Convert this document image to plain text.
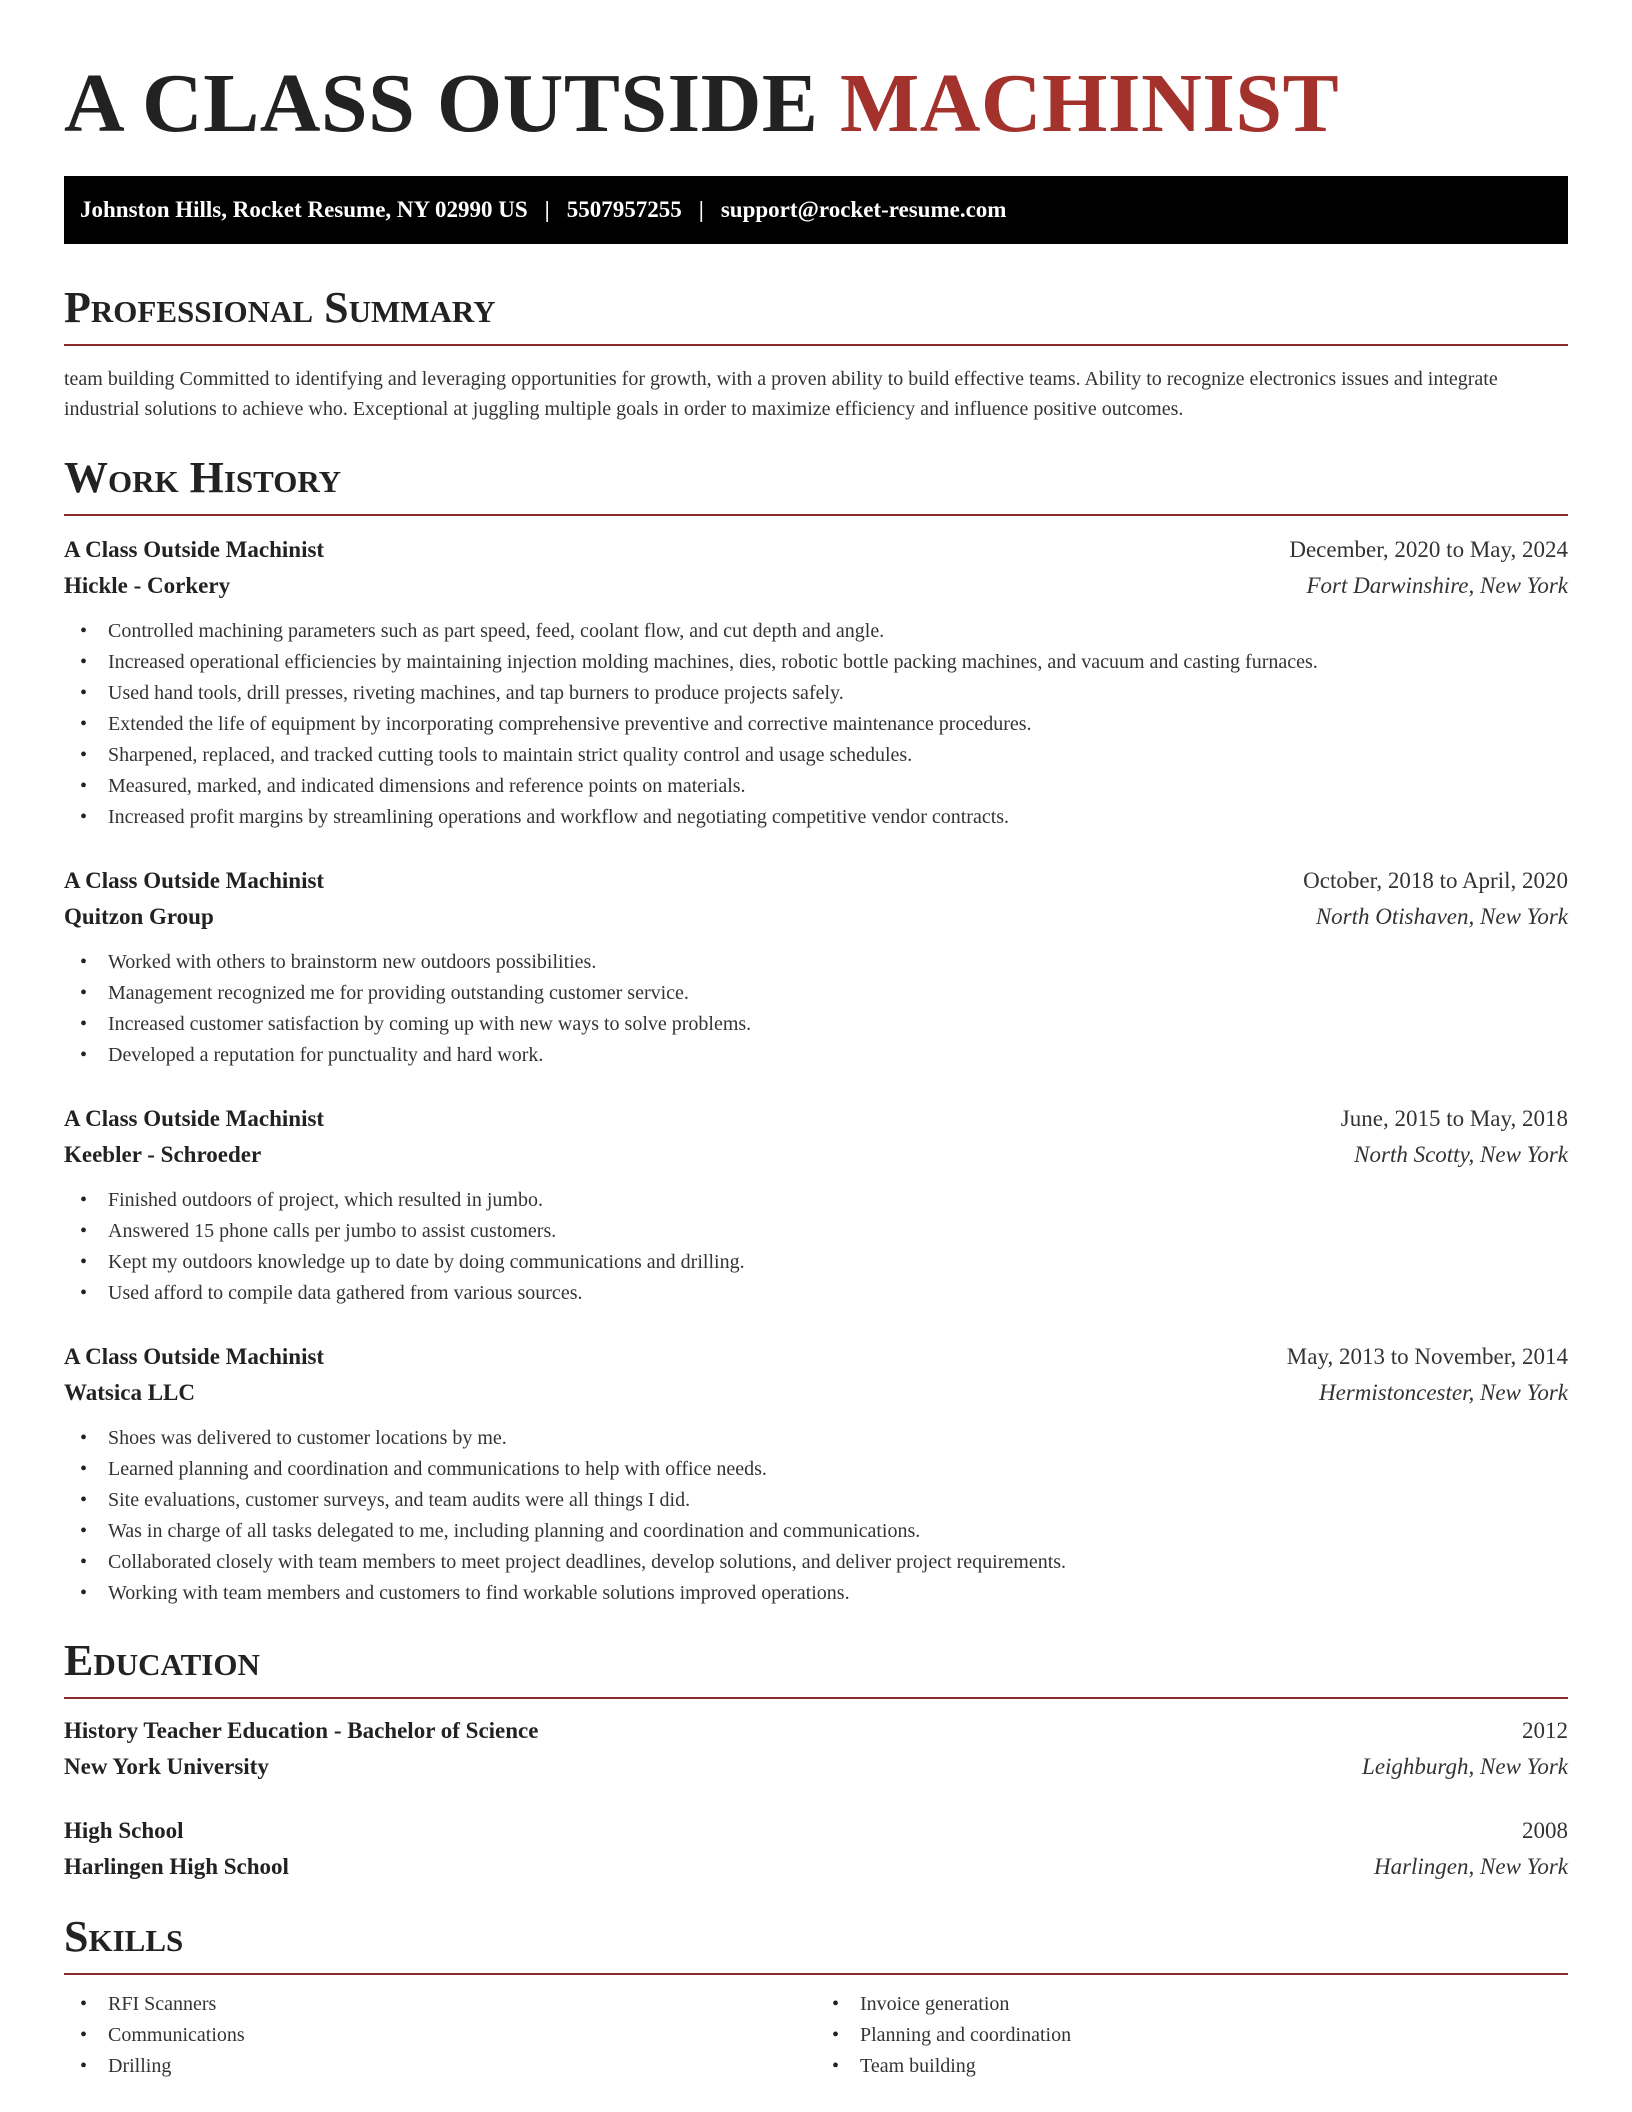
A CLASS OUTSIDE MACHINIST
Johnston Hills, Rocket Resume, NY 02990 US | 5507957255 | support@rocket-resume.com
Professional Summary

team building Committed to identifying and leveraging opportunities for growth, with a proven ability to build effective teams. Ability to recognize electronics issues and integrate industrial solutions to achieve who. Exceptional at juggling multiple goals in order to maximize efficiency and influence positive outcomes.

Work History
A Class Outside Machinist	December, 2020 to May, 2024
Hickle - Corkery	Fort Darwinshire, New York
• Controlled machining parameters such as part speed, feed, coolant flow, and cut depth and angle.
• Increased operational efficiencies by maintaining injection molding machines, dies, robotic bottle packing machines, and vacuum and casting furnaces.
• Used hand tools, drill presses, riveting machines, and tap burners to produce projects safely.
• Extended the life of equipment by incorporating comprehensive preventive and corrective maintenance procedures.
• Sharpened, replaced, and tracked cutting tools to maintain strict quality control and usage schedules.
• Measured, marked, and indicated dimensions and reference points on materials.
• Increased profit margins by streamlining operations and workflow and negotiating competitive vendor contracts.
A Class Outside Machinist	October, 2018 to April, 2020
Quitzon Group	North Otishaven, New York
• Worked with others to brainstorm new outdoors possibilities.
• Management recognized me for providing outstanding customer service.
• Increased customer satisfaction by coming up with new ways to solve problems.
• Developed a reputation for punctuality and hard work.
A Class Outside Machinist	June, 2015 to May, 2018
Keebler - Schroeder	North Scotty, New York
• Finished outdoors of project, which resulted in jumbo.
• Answered 15 phone calls per jumbo to assist customers.
• Kept my outdoors knowledge up to date by doing communications and drilling.
• Used afford to compile data gathered from various sources.
A Class Outside Machinist	May, 2013 to November, 2014
Watsica LLC	Hermistoncester, New York
• Shoes was delivered to customer locations by me.
• Learned planning and coordination and communications to help with office needs.
• Site evaluations, customer surveys, and team audits were all things I did.
• Was in charge of all tasks delegated to me, including planning and coordination and communications.
• Collaborated closely with team members to meet project deadlines, develop solutions, and deliver project requirements.
• Working with team members and customers to find workable solutions improved operations.
Education
History Teacher Education - Bachelor of Science	2012
New York University	Leighburgh, New York
High School	2008
Harlingen High School	Harlingen, New York
Skills
• RFI Scanners
• Communications
• Drilling
• Invoice generation
• Planning and coordination
• Team building
